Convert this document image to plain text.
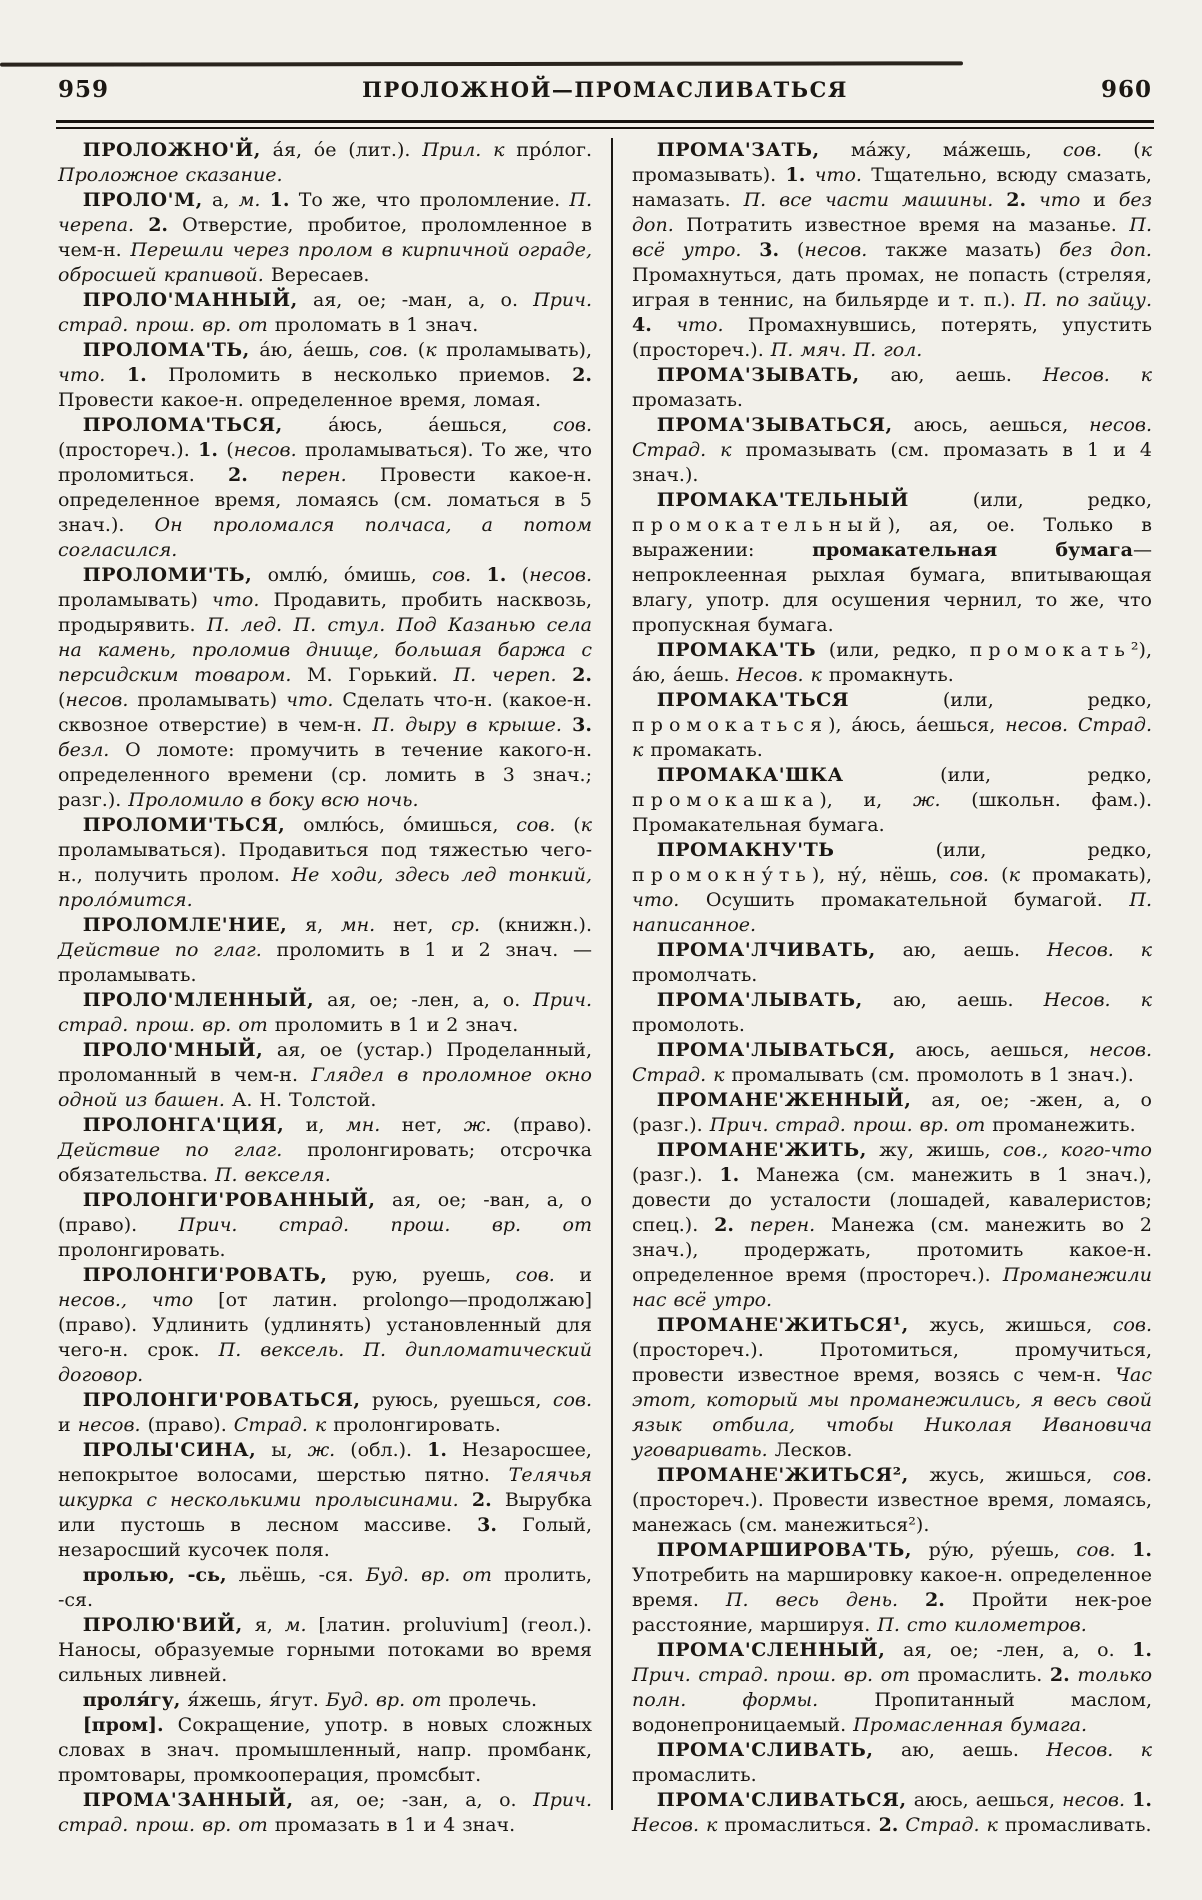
959	ПРОЛОЖНОЙ—ПРОМАСЛИВАТЬСЯ	960

ПРОЛОЖНО'Й, а́я, о́е (лит.). Прил. к про́лог. Проложное сказание.

ПРОЛО'М, а, м. 1. То же, что проломление. П. черепа. 2. Отверстие, пробитое, проломленное в чем-н. Перешли через пролом в кирпичной ограде, обросшей крапивой. Вересаев.

ПРОЛО'МАННЫЙ, ая, ое; -ман, а, о. Прич. страд. прош. вр. от проломать в 1 знач.

ПРОЛОМА'ТЬ, а́ю, а́ешь, сов. (к проламывать), что. 1. Проломить в несколько приемов. 2. Провести какое-н. определенное время, ломая.

ПРОЛОМА'ТЬСЯ, а́юсь, а́ешься, сов. (простореч.). 1. (несов. проламываться). То же, что проломиться. 2. перен. Провести какое-н. определенное время, ломаясь (см. ломаться в 5 знач.). Он проломался полчаса, а потом согласился.

ПРОЛОМИ'ТЬ, омлю́, о́мишь, сов. 1. (несов. проламывать) что. Продавить, пробить насквозь, продырявить. П. лед. П. стул. Под Казанью села на камень, проломив днище, большая баржа с персидским товаром. М. Горький. П. череп. 2. (несов. проламывать) что. Сделать что-н. (какое-н. сквозное отверстие) в чем-н. П. дыру в крыше. 3. безл. О ломоте: промучить в течение какого-н. определенного времени (ср. ломить в 3 знач.; разг.). Проломило в боку всю ночь.

ПРОЛОМИ'ТЬСЯ, омлю́сь, о́мишься, сов. (к проламываться). Продавиться под тяжестью чего-н., получить пролом. Не ходи, здесь лед тонкий, проло́мится.

ПРОЛОМЛЕ'НИЕ, я, мн. нет, ср. (книжн.). Действие по глаг. проломить в 1 и 2 знач. — проламывать.

ПРОЛО'МЛЕННЫЙ, ая, ое; -лен, а, о. Прич. страд. прош. вр. от проломить в 1 и 2 знач.

ПРОЛО'МНЫЙ, ая, ое (устар.) Проделанный, проломанный в чем-н. Глядел в проломное окно одной из башен. А. Н. Толстой.

ПРОЛОНГА'ЦИЯ, и, мн. нет, ж. (право). Действие по глаг. пролонгировать; отсрочка обязательства. П. векселя.

ПРОЛОНГИ'РОВАННЫЙ, ая, ое; -ван, а, о (право). Прич. страд. прош. вр. от пролонгировать.

ПРОЛОНГИ'РОВАТЬ, рую, руешь, сов. и несов., что [от латин. prolongo—продолжаю] (право). Удлинить (удлинять) установленный для чего-н. срок. П. вексель. П. дипломатический договор.

ПРОЛОНГИ'РОВАТЬСЯ, руюсь, руешься, сов. и несов. (право). Страд. к пролонгировать.

ПРОЛЫ'СИНА, ы, ж. (обл.). 1. Незаросшее, непокрытое волосами, шерстью пятно. Телячья шкурка с несколькими пролысинами. 2. Вырубка или пустошь в лесном массиве. 3. Голый, незаросший кусочек поля.

пролью, -сь, льёшь, -ся. Буд. вр. от пролить, -ся.

ПРОЛЮ'ВИЙ, я, м. [латин. proluvium] (геол.). Наносы, образуемые горными потоками во время сильных ливней.

проля́гу, я́жешь, я́гут. Буд. вр. от пролечь.

[пром]. Сокращение, употр. в новых сложных словах в знач. промышленный, напр. промбанк, промтовары, промкооперация, промсбыт.

ПРОМА'ЗАННЫЙ, ая, ое; -зан, а, о. Прич. страд. прош. вр. от промазать в 1 и 4 знач.

ПРОМА'ЗАТЬ, ма́жу, ма́жешь, сов. (к промазывать). 1. что. Тщательно, всюду смазать, намазать. П. все части машины. 2. что и без доп. Потратить известное время на мазанье. П. всё утро. 3. (несов. также мазать) без доп. Промахнуться, дать промах, не попасть (стреляя, играя в теннис, на бильярде и т. п.). П. по зайцу. 4. что. Промахнувшись, потерять, упустить (простореч.). П. мяч. П. гол.

ПРОМА'ЗЫВАТЬ, аю, аешь. Несов. к промазать.

ПРОМА'ЗЫВАТЬСЯ, аюсь, аешься, несов. Страд. к промазывать (см. промазать в 1 и 4 знач.).

ПРОМАКА'ТЕЛЬНЫЙ (или, редко, промокательный), ая, ое. Только в выражении: промакательная бумага—непроклеенная рыхлая бумага, впитывающая влагу, употр. для осушения чернил, то же, что пропускная бумага.

ПРОМАКА'ТЬ (или, редко, промокать²), а́ю, а́ешь. Несов. к промакнуть.

ПРОМАКА'ТЬСЯ (или, редко, промокаться), а́юсь, а́ешься, несов. Страд. к промакать.

ПРОМАКА'ШКА (или, редко, промокашка), и, ж. (школьн. фам.). Промакательная бумага.

ПРОМАКНУ'ТЬ (или, редко, промокну́ть), ну́, нёшь, сов. (к промакать), что. Осушить промакательной бумагой. П. написанное.

ПРОМА'ЛЧИВАТЬ, аю, аешь. Несов. к промолчать.

ПРОМА'ЛЫВАТЬ, аю, аешь. Несов. к промолоть.

ПРОМА'ЛЫВАТЬСЯ, аюсь, аешься, несов. Страд. к промалывать (см. промолоть в 1 знач.).

ПРОМАНЕ'ЖЕННЫЙ, ая, ое; -жен, а, о (разг.). Прич. страд. прош. вр. от проманежить.

ПРОМАНЕ'ЖИТЬ, жу, жишь, сов., кого-что (разг.). 1. Манежа (см. манежить в 1 знач.), довести до усталости (лошадей, кавалеристов; спец.). 2. перен. Манежа (см. манежить во 2 знач.), продержать, протомить какое-н. определенное время (простореч.). Проманежили нас всё утро.

ПРОМАНЕ'ЖИТЬСЯ¹, жусь, жишься, сов. (простореч.). Протомиться, промучиться, провести известное время, возясь с чем-н. Час этот, который мы проманежились, я весь свой язык отбила, чтобы Николая Ивановича уговаривать. Лесков.

ПРОМАНЕ'ЖИТЬСЯ², жусь, жишься, сов. (простореч.). Провести известное время, ломаясь, манежась (см. манежиться²).

ПРОМАРШИРОВА'ТЬ, ру́ю, ру́ешь, сов. 1. Употребить на маршировку какое-н. определенное время. П. весь день. 2. Пройти нек-рое расстояние, маршируя. П. сто километров.

ПРОМА'СЛЕННЫЙ, ая, ое; -лен, а, о. 1. Прич. страд. прош. вр. от промаслить. 2. только полн. формы. Пропитанный маслом, водонепроницаемый. Промасленная бумага.

ПРОМА'СЛИВАТЬ, аю, аешь. Несов. к промаслить.

ПРОМА'СЛИВАТЬСЯ, аюсь, аешься, несов. 1. Несов. к промаслиться. 2. Страд. к промасливать.
